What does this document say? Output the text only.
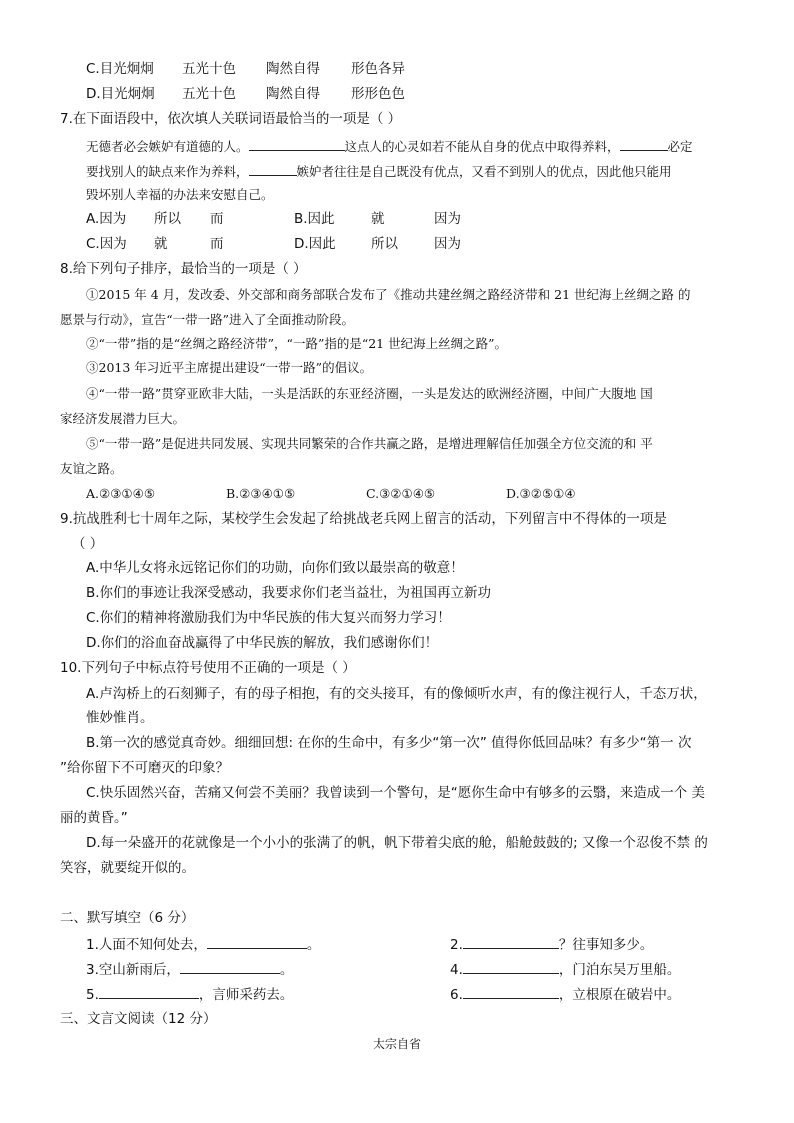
C.目光炯炯 五光十色 陶然自得 形色各异
D.目光炯炯 五光十色 陶然自得 形形色色
7.在下面语段中，依次填人关联词语最恰当的一项是（ ）
无德者必会嫉妒有道德的人。	这点人的心灵如若不能从自身的优点中取得养料，	必定
要找别人的缺点来作为养料，	嫉妒者往往是自己既没有优点，又看不到别人的优点，因此他只能用
毁坏别人幸福的办法来安慰自己。
A.因为 所以 而	B.因此	就	因为
C.因为 就	而	D.因此	所以	因为
8.给下列句子排序，最恰当的一项是（ ）
①2015 年 4 月，发改委、外交部和商务部联合发布了《推动共建丝绸之路经济带和 21 世纪海上丝绸之路 的
愿景与行动》，宣告“一带一路”进入了全面推动阶段。
②“一带”指的是“丝绸之路经济带”，“一路”指的是“21 世纪海上丝绸之路”。
③2013 年习近平主席提出建设“一带一路”的倡议。
④“一带一路”贯穿亚欧非大陆，一头是活跃的东亚经济圈，一头是发达的欧洲经济圈，中间广大腹地 国
家经济发展潜力巨大。
⑤“一带一路”是促进共同发展、实现共同繁荣的合作共赢之路，是增进理解信任加强全方位交流的和 平
友谊之路。
A.②③①④⑤	B.②③④①⑤	C.③②①④⑤	D.③②⑤①④
9.抗战胜利七十周年之际，某校学生会发起了给挑战老兵网上留言的活动，下列留言中不得体的一项是
（ ）
A.中华儿女将永远铭记你们的功勋，向你们致以最崇高的敬意！
B.你们的事迹让我深受感动，我要求你们老当益壮，为祖国再立新功
C.你们的精神将激励我们为中华民族的伟大复兴而努力学习！
D.你们的浴血奋战赢得了中华民族的解放，我们感谢你们！
10.下列句子中标点符号使用不正确的一项是（ ）
A.卢沟桥上的石刻狮子，有的母子相抱，有的交头接耳，有的像倾听水声，有的像注视行人，千态万状，
惟妙惟肖。
B.第一次的感觉真奇妙。细细回想: 在你的生命中，有多少“第一次” 值得你低回品味？有多少“第一 次
”给你留下不可磨灭的印象？
C.快乐固然兴奋，苦痛又何尝不美丽？我曾读到一个警句，是“愿你生命中有够多的云翳，来造成一个 美
丽的黄昏。”
D.每一朵盛开的花就像是一个小小的张满了的帆，帆下带着尖底的舱，船舱鼓鼓的; 又像一个忍俊不禁 的
笑容，就要绽开似的。
二、默写填空（6 分）
1.人面不知何处去，	。	2.	？往事知多少。
3.空山新雨后，	。	4.	，门泊东吴万里船。
5.	，言师采药去。	6.	，立根原在破岩中。
三、文言文阅读（12 分）
太宗自省
